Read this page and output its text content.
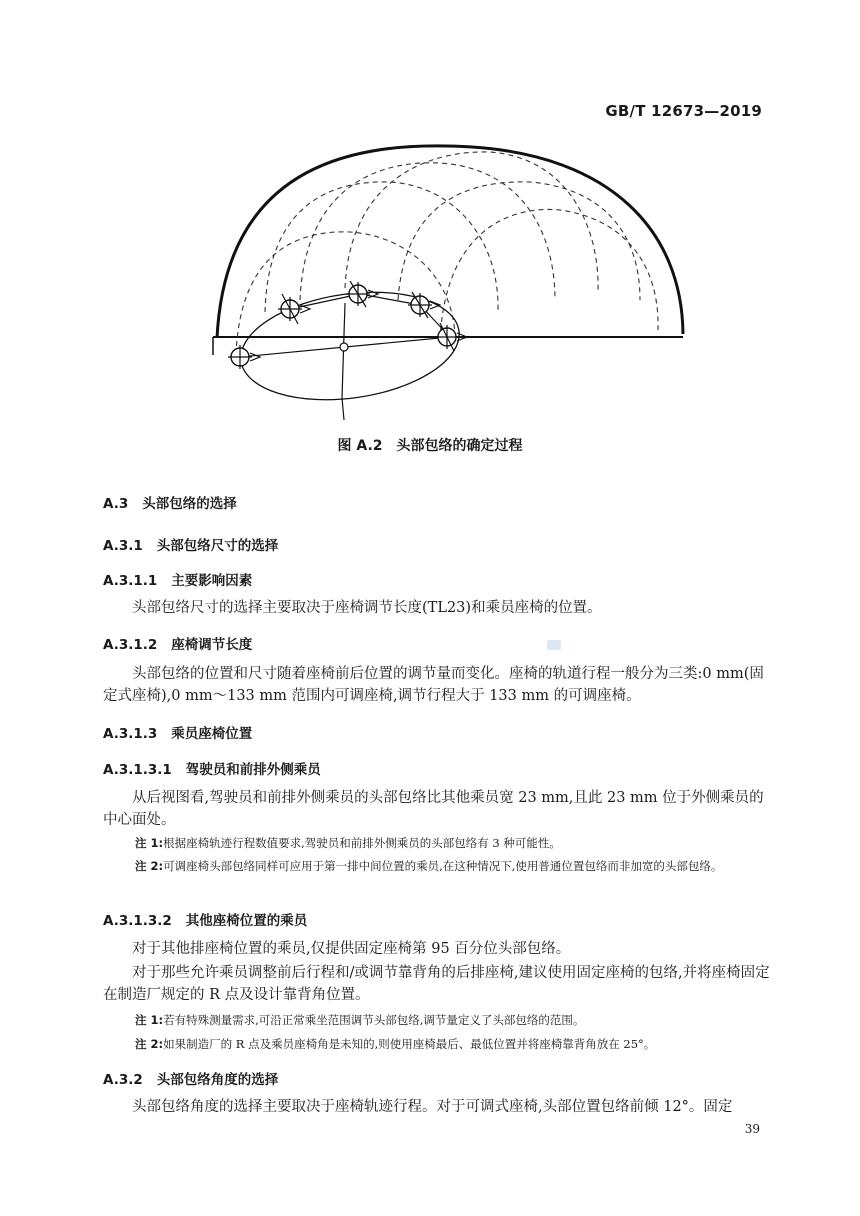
GB/T 12673—2019
图 A.2　头部包络的确定过程
A.3 头部包络的选择
A.3.1 头部包络尺寸的选择
A.3.1.1 主要影响因素
头部包络尺寸的选择主要取决于座椅调节长度(TL23)和乘员座椅的位置。
A.3.1.2 座椅调节长度
头部包络的位置和尺寸随着座椅前后位置的调节量而变化。座椅的轨道行程一般分为三类:0 mm(固定式座椅),0 mm～133 mm 范围内可调座椅,调节行程大于 133 mm 的可调座椅。
A.3.1.3 乘员座椅位置
A.3.1.3.1 驾驶员和前排外侧乘员
从后视图看,驾驶员和前排外侧乘员的头部包络比其他乘员宽 23 mm,且此 23 mm 位于外侧乘员的中心面处。
注 1:根据座椅轨迹行程数值要求,驾驶员和前排外侧乘员的头部包络有 3 种可能性。
注 2:可调座椅头部包络同样可应用于第一排中间位置的乘员,在这种情况下,使用普通位置包络而非加宽的头部包络。
A.3.1.3.2 其他座椅位置的乘员
对于其他排座椅位置的乘员,仅提供固定座椅第 95 百分位头部包络。
对于那些允许乘员调整前后行程和/或调节靠背角的后排座椅,建议使用固定座椅的包络,并将座椅固定在制造厂规定的 R 点及设计靠背角位置。
注 1:若有特殊测量需求,可沿正常乘坐范围调节头部包络,调节量定义了头部包络的范围。
注 2:如果制造厂的 R 点及乘员座椅角是未知的,则使用座椅最后、最低位置并将座椅靠背角放在 25°。
A.3.2 头部包络角度的选择
头部包络角度的选择主要取决于座椅轨迹行程。对于可调式座椅,头部位置包络前倾 12°。固定
39
